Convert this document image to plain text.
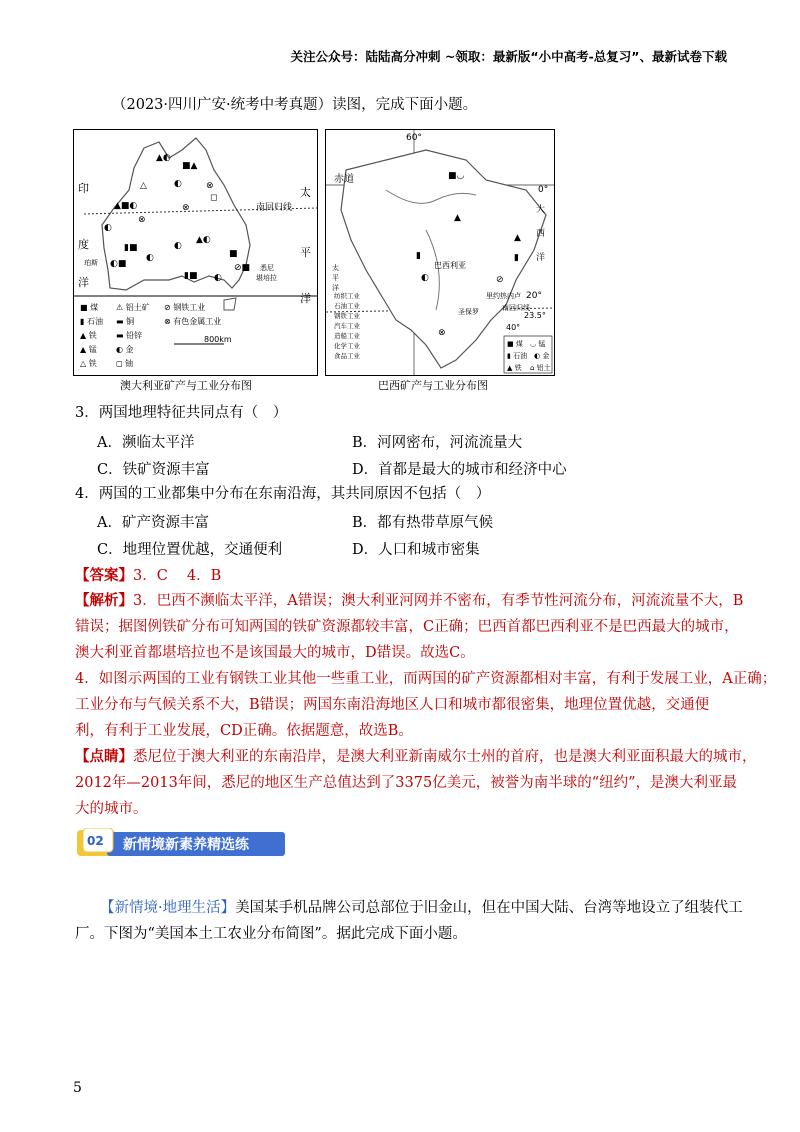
关注公众号：陆陆高分冲刺 ~领取：最新版“小中高考-总复习”、最新试卷下载
（2023·四川广安·统考中考真题）读图，完成下面小题。
南回归线
印
度
洋
太
平
洋
珀斯
悉尼
堪培拉
▲◐
■▲
△	◐	⊗
▲■◐	⊗
◻
⊗
◐
▲◐
▮■	◐
■
◐■
◐
⊘■
▮■ ◐
■ 煤 ⚠ 铝土矿 ⊘ 钢铁工业
▮ 石油 ▬ 铜	⊗ 有色金属工业
▲ 铁 ▬ 铅锌
▲ 锰 ◐ 金
△ 铁 ◻ 铀
800km
澳大利亚矿产与工业分布图
60°
赤道
0°
大
西
洋
太
平
洋
巴西利亚
里约热内卢
圣保罗
20°
23.5°
40°
南回归线
■◡
▲
▮
▲
◐	⊘
▮
⊗
纺织工业
石油工业
钢铁工业
汽车工业
造船工业
化学工业
食品工业
■ 煤 ◡ 锰
▮ 石油 ◐ 金
▲ 铁 ⌂ 铝土
巴西矿产与工业分布图
3．两国地理特征共同点有（　）
A．濒临太平洋	B．河网密布，河流流量大
C．铁矿资源丰富	D．首都是最大的城市和经济中心
4．两国的工业都集中分布在东南沿海，其共同原因不包括（　）
A．矿产资源丰富	B．都有热带草原气候
C．地理位置优越，交通便利	D．人口和城市密集
【答案】3．C　 4．B
【解析】3．巴西不濒临太平洋，A错误；澳大利亚河网并不密布，有季节性河流分布，河流流量不大，B
错误；据图例铁矿分布可知两国的铁矿资源都较丰富，C正确；巴西首都巴西利亚不是巴西最大的城市，
澳大利亚首都堪培拉也不是该国最大的城市，D错误。故选C。
4．如图示两国的工业有钢铁工业其他一些重工业，而两国的矿产资源都相对丰富，有利于发展工业，A正确；
工业分布与气候关系不大，B错误；两国东南沿海地区人口和城市都很密集，地理位置优越，交通便
利，有利于工业发展，CD正确。依据题意，故选B。
【点睛】悉尼位于澳大利亚的东南沿岸，是澳大利亚新南威尔士州的首府，也是澳大利亚面积最大的城市，
2012年—2013年间，悉尼的地区生产总值达到了3375亿美元，被誉为南半球的“纽约”，是澳大利亚最
大的城市。
02 新情境新素养精选练
【新情境·地理生活】美国某手机品牌公司总部位于旧金山，但在中国大陆、台湾等地设立了组装代工
厂。下图为“美国本土工农业分布简图”。据此完成下面小题。
5
